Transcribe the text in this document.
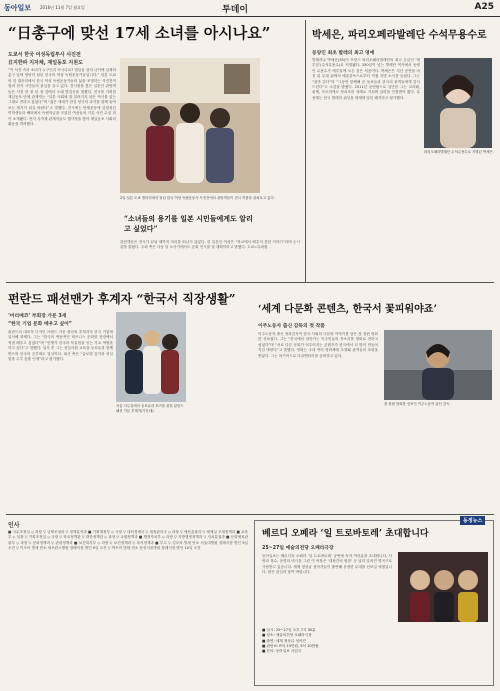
동아일보 2016년 11월 7일 월요일	투데이	A25
“日총구에 맞선 17세 소녀를 아시나요”
도쿄서 한국 여성독립투사 사진전
日지한파 지자체, 재일동포 지원도
“이 사진 속의 소녀가 누구인지 아시나요? 열일곱 살의 나이에 일제의 총구 앞에 당당히 섰던 한국의 여성 독립운동가들입니다.” 일본 도쿄의 한 갤러리에서 한국 여성 독립운동가들의 삶을 조명하는 사진전이 열려 현지 시민들의 관심을 끌고 있다. 전시장을 찾은 일본인 관람객들은 사진 한 장 한 장 앞에서 오래 발걸음을 멈췄다. 전시를 기획한 재일동포 단체 관계자는 “일본 사회에 잘 알려지지 않은 역사를 있는 그대로 전하고 싶었다”며 “젊은 세대가 한일 양국의 과거를 함께 돌아보는 계기가 되길 바란다”고 말했다. 전시에는 만세운동에 앞장섰던 여학생들과 해외에서 독립자금을 모았던 여성들의 기록 사진 수십 점이 소개됐다. 현지 지자체 관계자들도 행사장을 찾아 재일동포 사회의 활동을 격려했다.
2일 일본 도쿄 갤러리에서 열린 한국 여성 독립운동가 사진전에서 관람객들이 전시 작품을 살펴보고 있다.
“소녀들의 용기를 일본 시민들에게도 알리고 싶었다”
관람객들은 전시가 끝날 때까지 자리를 떠나지 않았다. 한 일본인 여성은 “학교에서 배우지 못한 이야기”라며 눈시울을 붉혔다. 주최 측은 다음 달 오사카에서도 순회 전시를 열 계획이라고 밝혔다. 도쿄=특파원
박세은, 파리오페라발레단 수석무용수로
동양인 최초 발레의 최고 영예
발레리나 박세은(35)이 프랑스 파리오페라발레단의 최고 등급인 ‘에투알’(수석무용수)로 지명됐다. 350년이 넘는 발레단 역사에서 동양인 무용수가 에투알에 오른 것은 처음이다. 박세은은 지난 공연을 마친 뒤 무대 위에서 예술감독으로부터 직접 지명 소식을 들었다. 그는 “꿈만 같다”며 “그동안 함께해 준 동료들과 한국의 관객들에게 감사드린다”고 소감을 밝혔다. 2011년 준단원으로 입단한 그는 코리페, 쉬제, 프르미에르 당쇠르를 차례로 거치며 실력을 인정받아 왔다. 무용계는 한국 발레의 위상을 세계에 알린 쾌거라고 평가했다.
파리오페라발레단 수석무용수로 지명된 박세은.
펀란드 패션맨가 후계자 “한국서 직장생활”
‘마리메코’ 부회장 가문 3세
“한국 기업 문화 배우고 싶어”
핀란드의 대표적 디자인 브랜드 가문 출신의 후계자가 한국 기업에 입사해 화제다. 그는 “한국의 역동적인 비즈니스 문화를 현장에서 직접 배우고 싶었다”며 “언젠가 한국과 북유럽을 잇는 가교 역할을 하고 싶다”고 말했다. 입사 후 그는 신입사원 교육을 동료들과 함께 받으며 한국어 공부에도 열심이다. 회사 측은 “글로벌 감각과 성실함을 두루 갖춘 인재”라고 평가했다.
서울 사무실에서 동료들과 포즈를 취한 핀란드 패션 가문 후계자(가운데).
‘세계 다문화 콘텐츠, 한국서 꽃피워야죠’
이주노동자 출신 감독의 첫 작품
이주노동자 출신 영화감독이 한국 사회의 다문화 이야기를 담은 첫 장편 영화를 선보였다. 그는 “한국에서 살아가는 이주민들의 목소리를 영화로 전하고 싶었다”며 “서로 다른 문화가 어우러지는 콘텐츠가 한국에서 더 많이 만들어지길 바란다”고 말했다. 영화는 국내 여러 영화제에 초청돼 관객들의 호평을 받았다. 그는 차기작으로 다큐멘터리를 준비하고 있다.
첫 장편 영화를 선보인 이주노동자 출신 감독.
인사
■ 국무조정실 ◇ 과장 ▽ 규제조정과 ▽ 정책분석과 ■ 기획재정부 ◇ 국장 ▽ 대외경제국 ▽ 재정관리국 ◇ 과장 ▽ 예산총괄과 ▽ 세제실 조세정책과 ■ 교육부 ◇ 실장 ▽ 기획조정실 ◇ 국장 ▽ 학교정책관 ▽ 대학정책관 ◇ 과장 ▽ 교원정책과 ■ 행정자치부 ◇ 과장 ▽ 지방행정정책과 ▽ 자치분권과 ■ 문화체육관광부 ◇ 과장 ▽ 문화정책과 ▽ 관광정책과 ■ 보건복지부 ◇ 과장 ▽ 보건정책과 ▽ 복지정책과 ■ 부고 ▽ 김모씨 별세 빈소 서울대병원 장례식장 발인 9일 오전 ▽ 이모씨 별세 빈소 세브란스병원 장례식장 발인 9일 오전 ▽ 박모씨 별세 빈소 삼성서울병원 장례식장 발인 10일 오전
동정뉴스
베르디 오페라 ‘일 트로바토레’ 초대합니다
25~27일 예술의전당 오페라극장
동아일보는 베르디의 오페라 ‘일 트로바토레’ 공연에 독자 여러분을 초대합니다. 사랑과 복수, 운명의 비극을 그린 이 작품은 ‘대장간의 합창’ 등 널리 알려진 명곡으로 사랑받고 있습니다. 세계 정상급 성악가들이 출연해 웅장한 무대를 선보일 예정입니다. 많은 관심과 참여 바랍니다.
■ 일시: 25~27일 오후 7시 30분
■ 장소: 예술의전당 오페라극장
■ 출연: 세계 정상급 성악진
■ 관람료: R석 15만원, S석 10만원
■ 문의: 동아일보 사업국
